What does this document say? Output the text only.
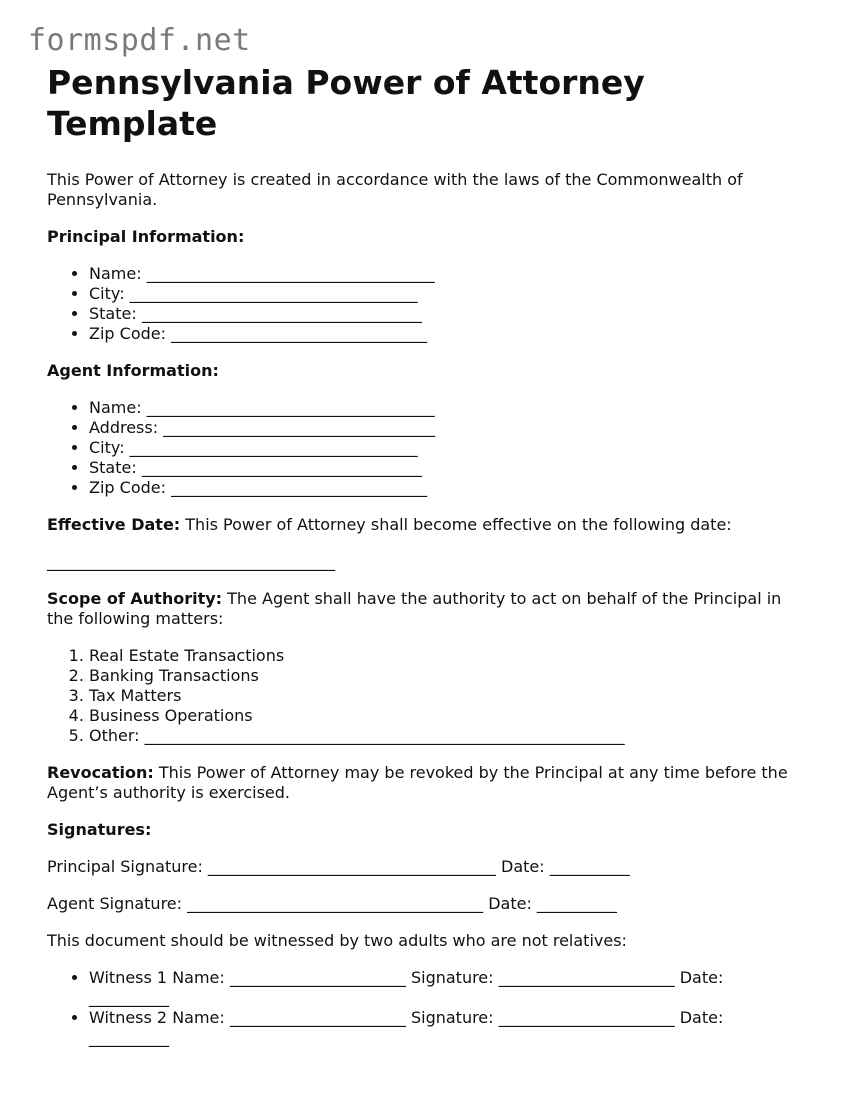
formspdf.net
Pennsylvania Power of Attorney Template

This Power of Attorney is created in accordance with the laws of the Commonwealth of Pennsylvania.

Principal Information:

• Name: ____________________________________
• City: ____________________________________
• State: ___________________________________
• Zip Code: ________________________________

Agent Information:

• Name: ____________________________________
• Address: __________________________________
• City: ____________________________________
• State: ___________________________________
• Zip Code: ________________________________

Effective Date: This Power of Attorney shall become effective on the following date:

____________________________________

Scope of Authority: The Agent shall have the authority to act on behalf of the Principal in the following matters:

1. Real Estate Transactions
2. Banking Transactions
3. Tax Matters
4. Business Operations
5. Other: ____________________________________________________________

Revocation: This Power of Attorney may be revoked by the Principal at any time before the Agent’s authority is exercised.

Signatures:

Principal Signature: ____________________________________ Date: __________

Agent Signature: _____________________________________ Date: __________

This document should be witnessed by two adults who are not relatives:

• Witness 1 Name: ______________________ Signature: ______________________ Date: __________
• Witness 2 Name: ______________________ Signature: ______________________ Date: __________
